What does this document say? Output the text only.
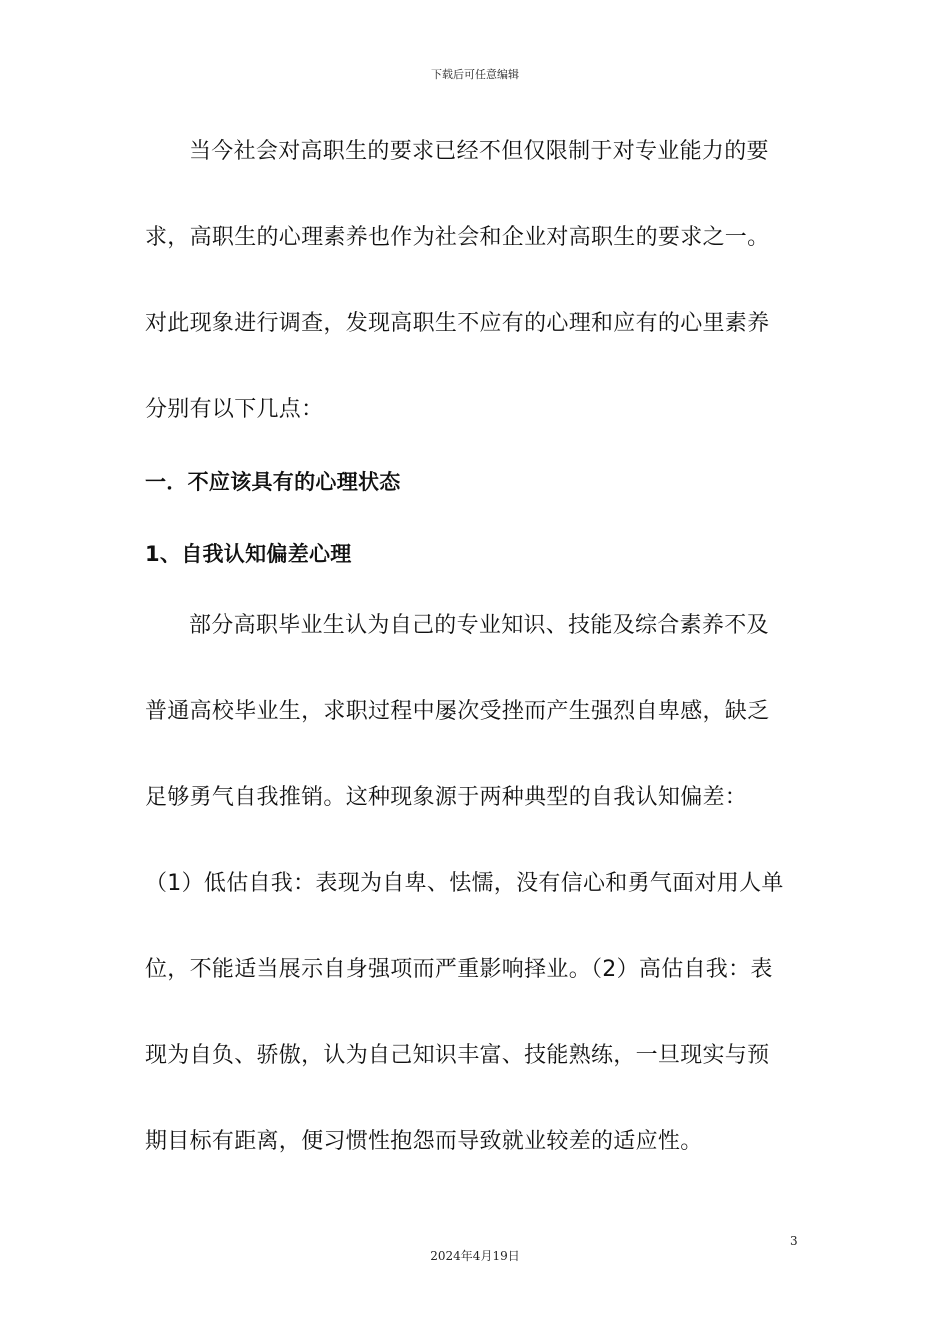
下载后可任意编辑
当今社会对高职生的要求已经不但仅限制于对专业能力的要
求，高职生的心理素养也作为社会和企业对高职生的要求之一。
对此现象进行调查，发现高职生不应有的心理和应有的心里素养
分别有以下几点：
一．不应该具有的心理状态
1、自我认知偏差心理
部分高职毕业生认为自己的专业知识、技能及综合素养不及
普通高校毕业生，求职过程中屡次受挫而产生强烈自卑感，缺乏
足够勇气自我推销。这种现象源于两种典型的自我认知偏差：
（1）低估自我：表现为自卑、怯懦，没有信心和勇气面对用人单
位，不能适当展示自身强项而严重影响择业。（2）高估自我：表
现为自负、骄傲，认为自己知识丰富、技能熟练，一旦现实与预
期目标有距离，便习惯性抱怨而导致就业较差的适应性。
3
2024年4月19日
